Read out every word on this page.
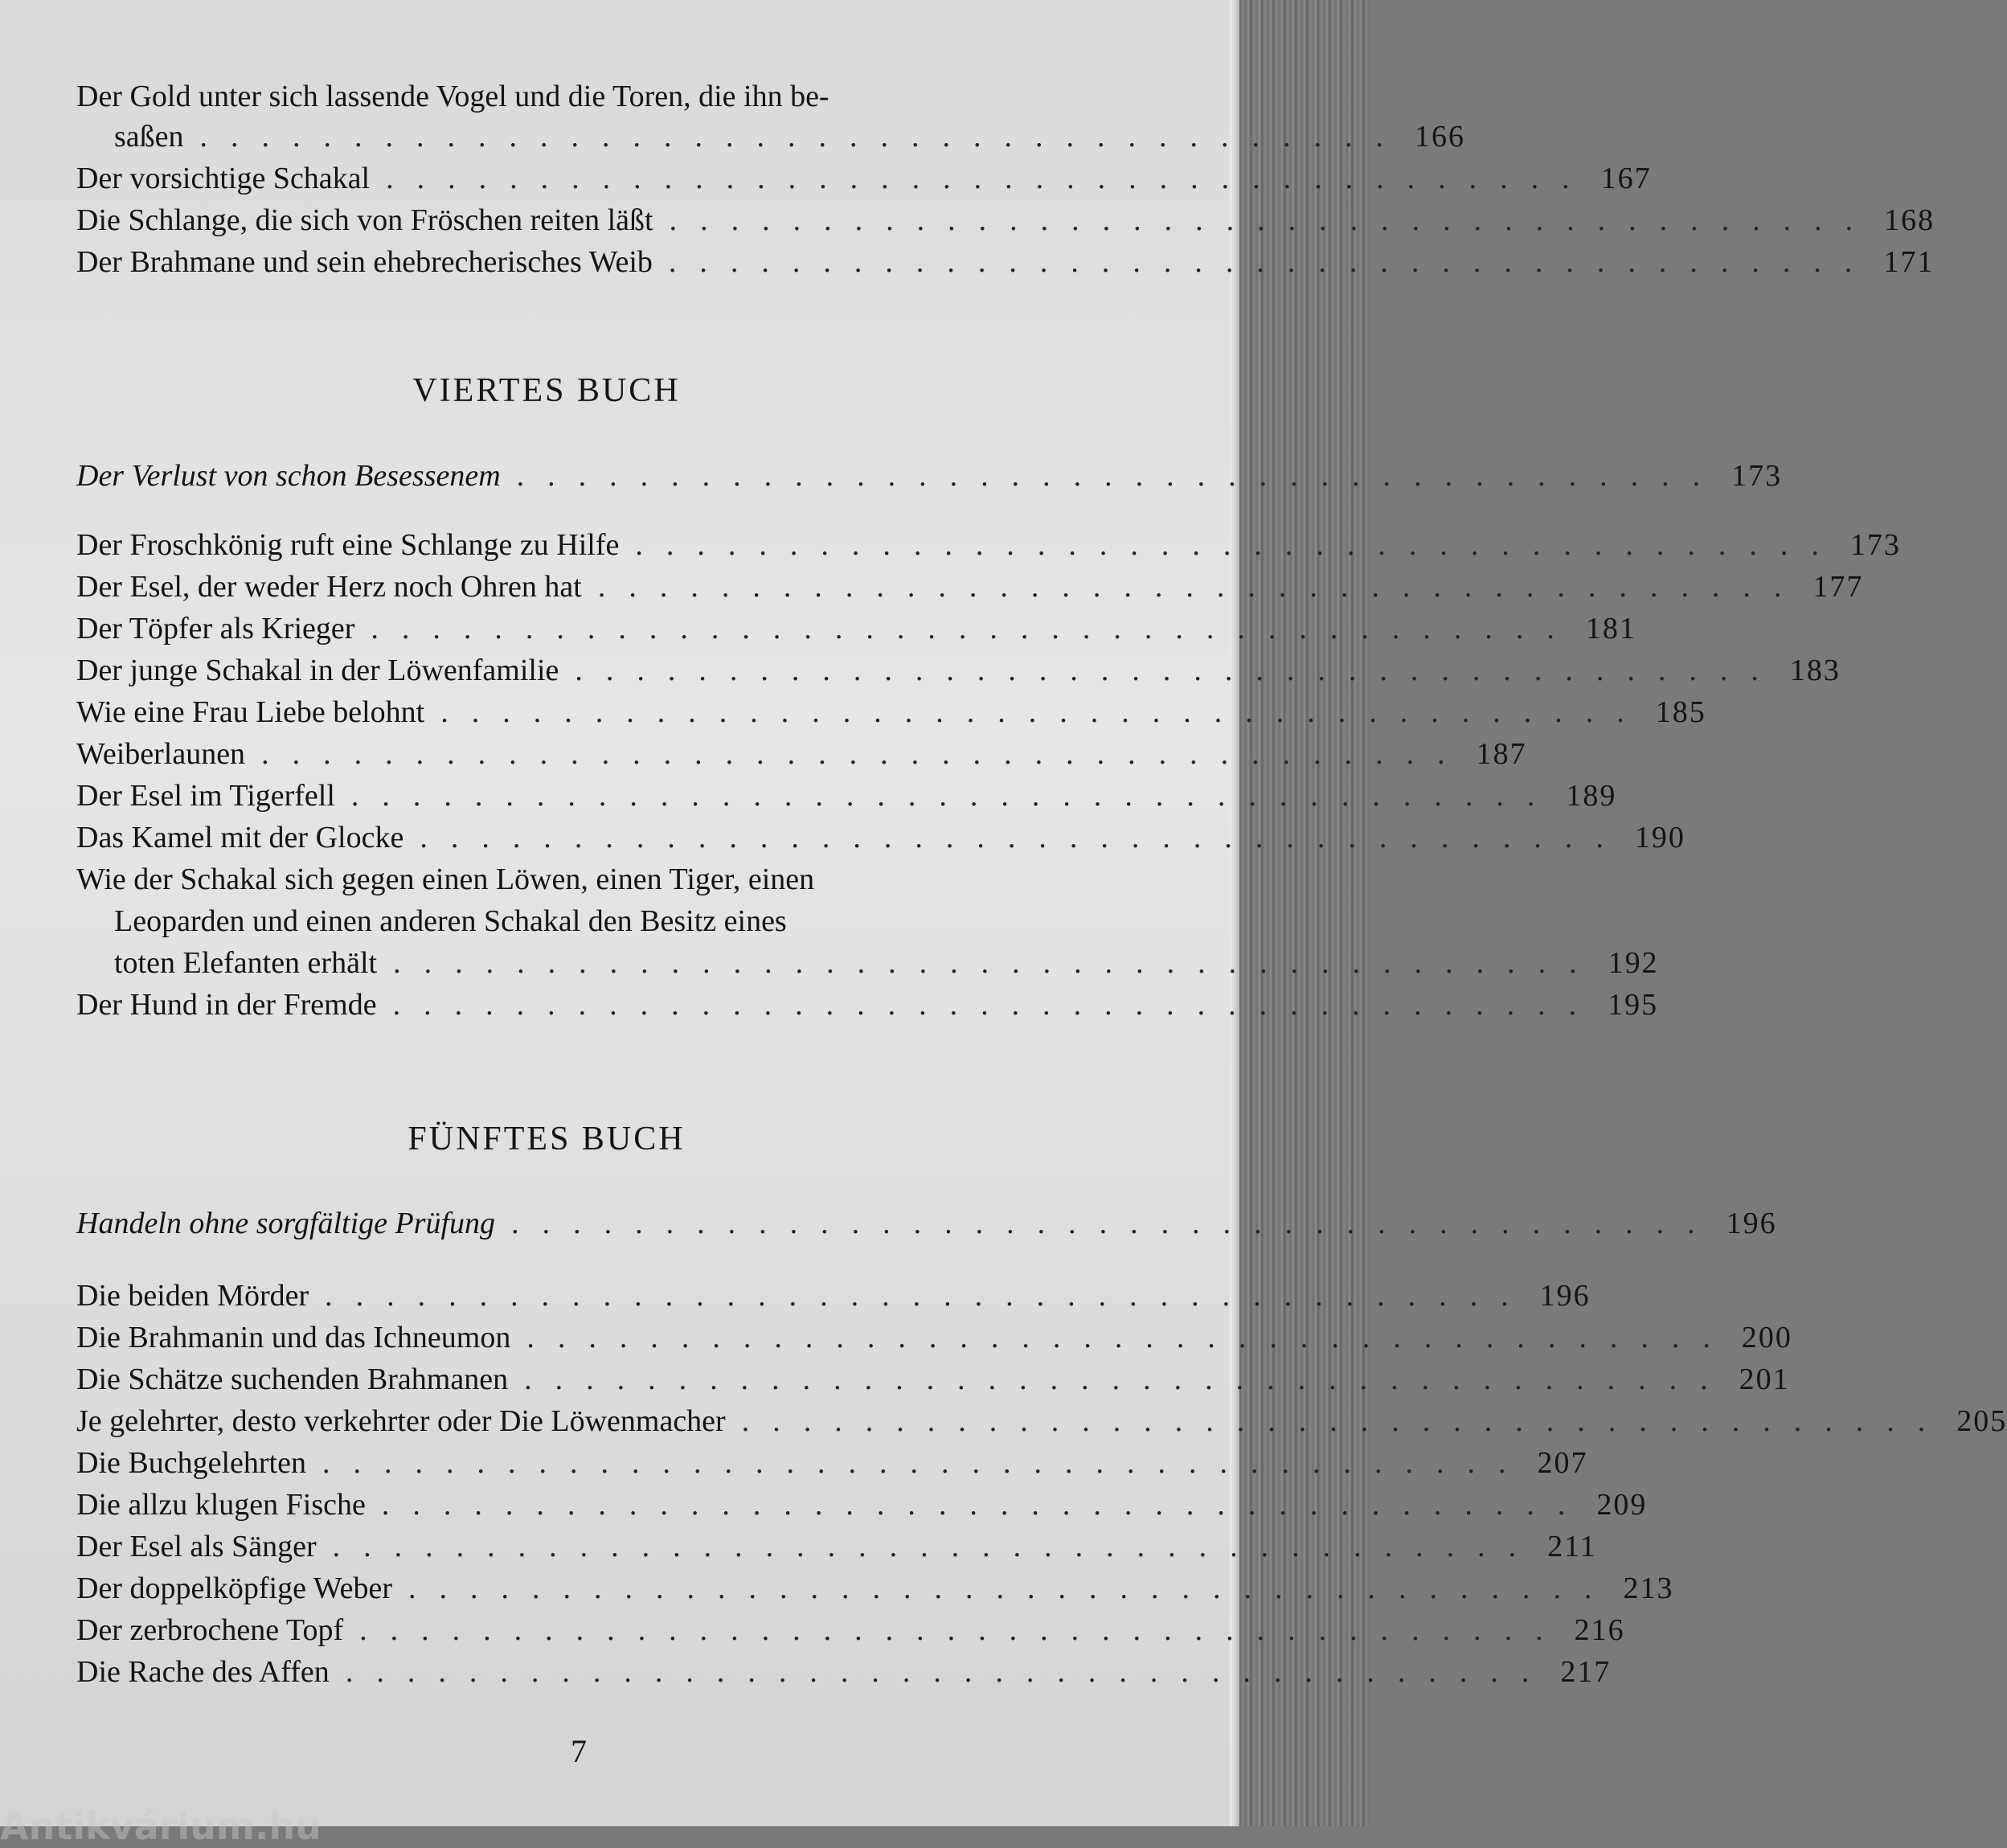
Der Gold unter sich lassende Vogel und die Toren, die ihn be-
saßen ....................................... 166
Der vorsichtige Schakal ....................................... 167
Die Schlange, die sich von Fröschen reiten läßt ....................................... 168
Der Brahmane und sein ehebrecherisches Weib ....................................... 171
VIERTES BUCH
Der Verlust von schon Besessenem ....................................... 173
Der Froschkönig ruft eine Schlange zu Hilfe ....................................... 173
Der Esel, der weder Herz noch Ohren hat ....................................... 177
Der Töpfer als Krieger ....................................... 181
Der junge Schakal in der Löwenfamilie ....................................... 183
Wie eine Frau Liebe belohnt ....................................... 185
Weiberlaunen ....................................... 187
Der Esel im Tigerfell ....................................... 189
Das Kamel mit der Glocke ....................................... 190
Wie der Schakal sich gegen einen Löwen, einen Tiger, einen
Leoparden und einen anderen Schakal den Besitz eines
toten Elefanten erhält ....................................... 192
Der Hund in der Fremde ....................................... 195
FÜNFTES BUCH
Handeln ohne sorgfältige Prüfung ....................................... 196
Die beiden Mörder ....................................... 196
Die Brahmanin und das Ichneumon ....................................... 200
Die Schätze suchenden Brahmanen ....................................... 201
Je gelehrter, desto verkehrter oder Die Löwenmacher ....................................... 205
Die Buchgelehrten ....................................... 207
Die allzu klugen Fische ....................................... 209
Der Esel als Sänger ....................................... 211
Der doppelköpfige Weber ....................................... 213
Der zerbrochene Topf ....................................... 216
Die Rache des Affen ....................................... 217
7
Antikvárium.hu
